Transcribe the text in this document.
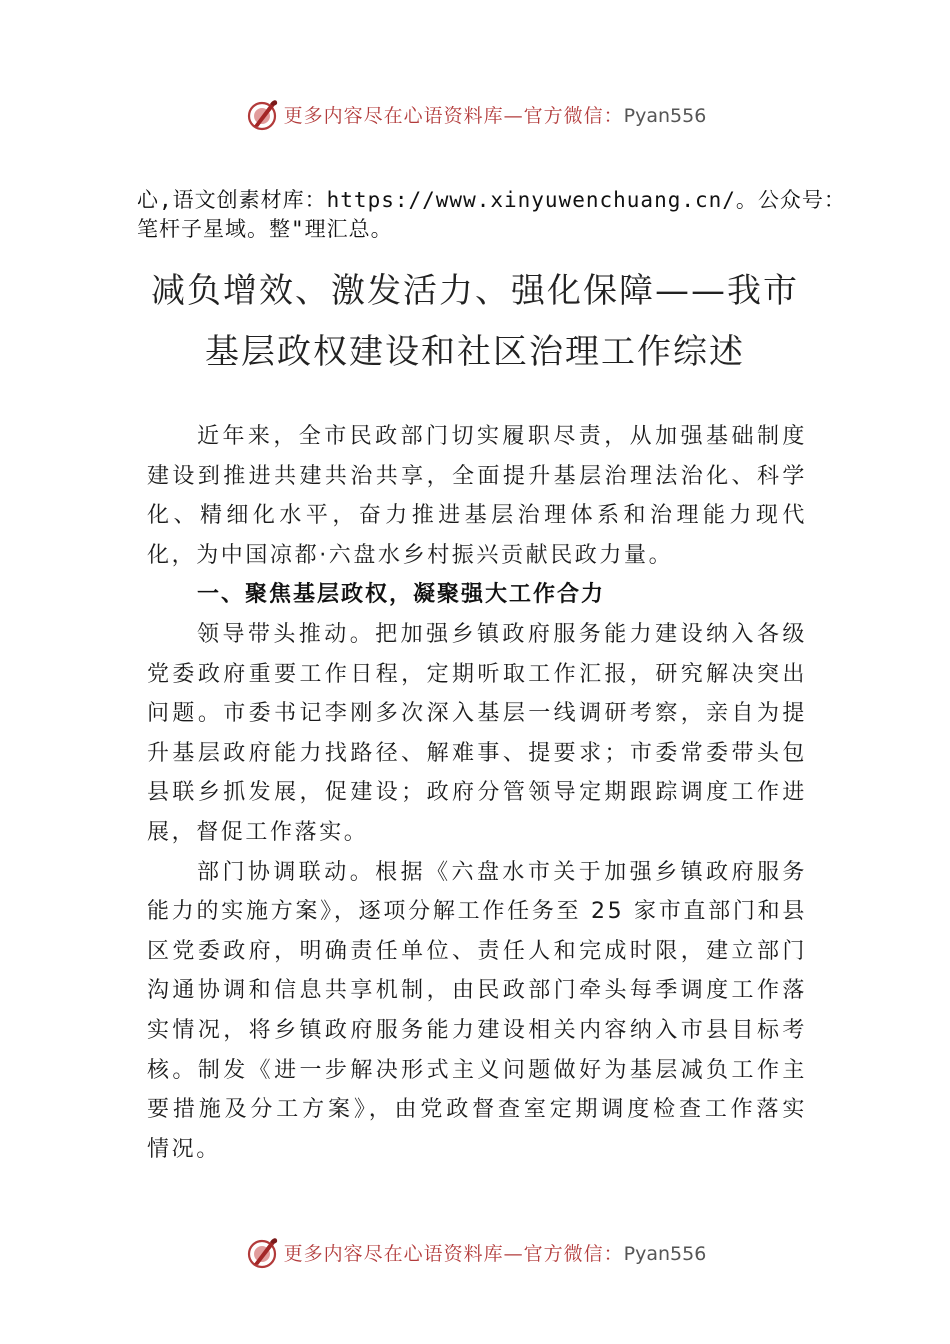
更多内容尽在心语资料库—官方微信：Pyan556
心,语文创素材库：https://www.xinyuwenchuang.cn/。公众号：笔杆子星域。整"理汇总。
减负增效、激发活力、强化保障——我市
基层政权建设和社区治理工作综述

近年来，全市民政部门切实履职尽责，从加强基础制度建设到推进共建共治共享，全面提升基层治理法治化、科学化、精细化水平，奋力推进基层治理体系和治理能力现代化，为中国凉都·六盘水乡村振兴贡献民政力量。

一、聚焦基层政权，凝聚强大工作合力

领导带头推动。把加强乡镇政府服务能力建设纳入各级党委政府重要工作日程，定期听取工作汇报，研究解决突出问题。市委书记李刚多次深入基层一线调研考察，亲自为提升基层政府能力找路径、解难事、提要求；市委常委带头包县联乡抓发展，促建设；政府分管领导定期跟踪调度工作进展，督促工作落实。

部门协调联动。根据《六盘水市关于加强乡镇政府服务能力的实施方案》，逐项分解工作任务至 25 家市直部门和县区党委政府，明确责任单位、责任人和完成时限，建立部门沟通协调和信息共享机制，由民政部门牵头每季调度工作落实情况，将乡镇政府服务能力建设相关内容纳入市县目标考核。制发《进一步解决形式主义问题做好为基层减负工作主要措施及分工方案》，由党政督查室定期调度检查工作落实 情况。

更多内容尽在心语资料库—官方微信：Pyan556
